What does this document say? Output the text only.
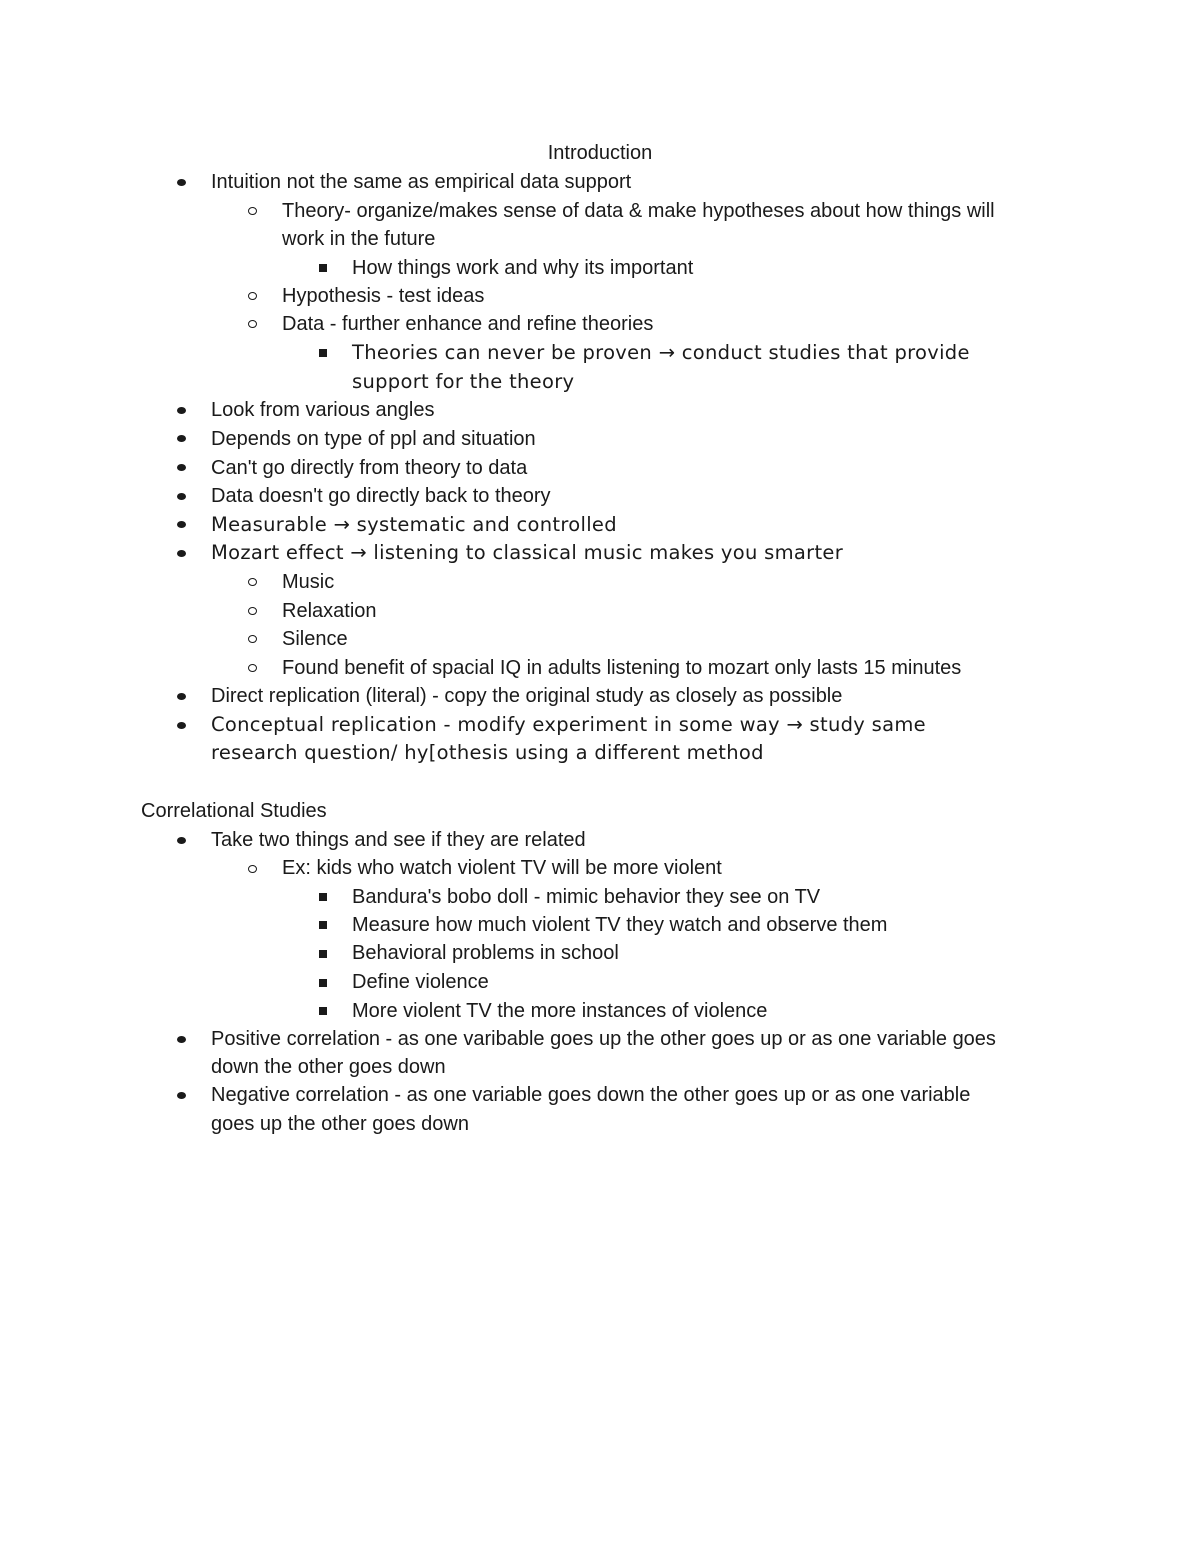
Introduction
Intuition not the same as empirical data support
Theory- organize/makes sense of data & make hypotheses about how things will
work in the future
How things work and why its important
Hypothesis - test ideas
Data - further enhance and refine theories
Theories can never be proven → conduct studies that provide
support for the theory
Look from various angles
Depends on type of ppl and situation
Can't go directly from theory to data
Data doesn't go directly back to theory
Measurable → systematic and controlled
Mozart effect → listening to classical music makes you smarter
Music
Relaxation
Silence
Found benefit of spacial IQ in adults listening to mozart only lasts 15 minutes
Direct replication (literal) - copy the original study as closely as possible
Conceptual replication - modify experiment in some way → study same
research question/ hy[othesis using a different method
Correlational Studies
Take two things and see if they are related
Ex: kids who watch violent TV will be more violent
Bandura's bobo doll - mimic behavior they see on TV
Measure how much violent TV they watch and observe them
Behavioral problems in school
Define violence
More violent TV the more instances of violence
Positive correlation - as one varibable goes up the other goes up or as one variable goes
down the other goes down
Negative correlation - as one variable goes down the other goes up or as one variable
goes up the other goes down
